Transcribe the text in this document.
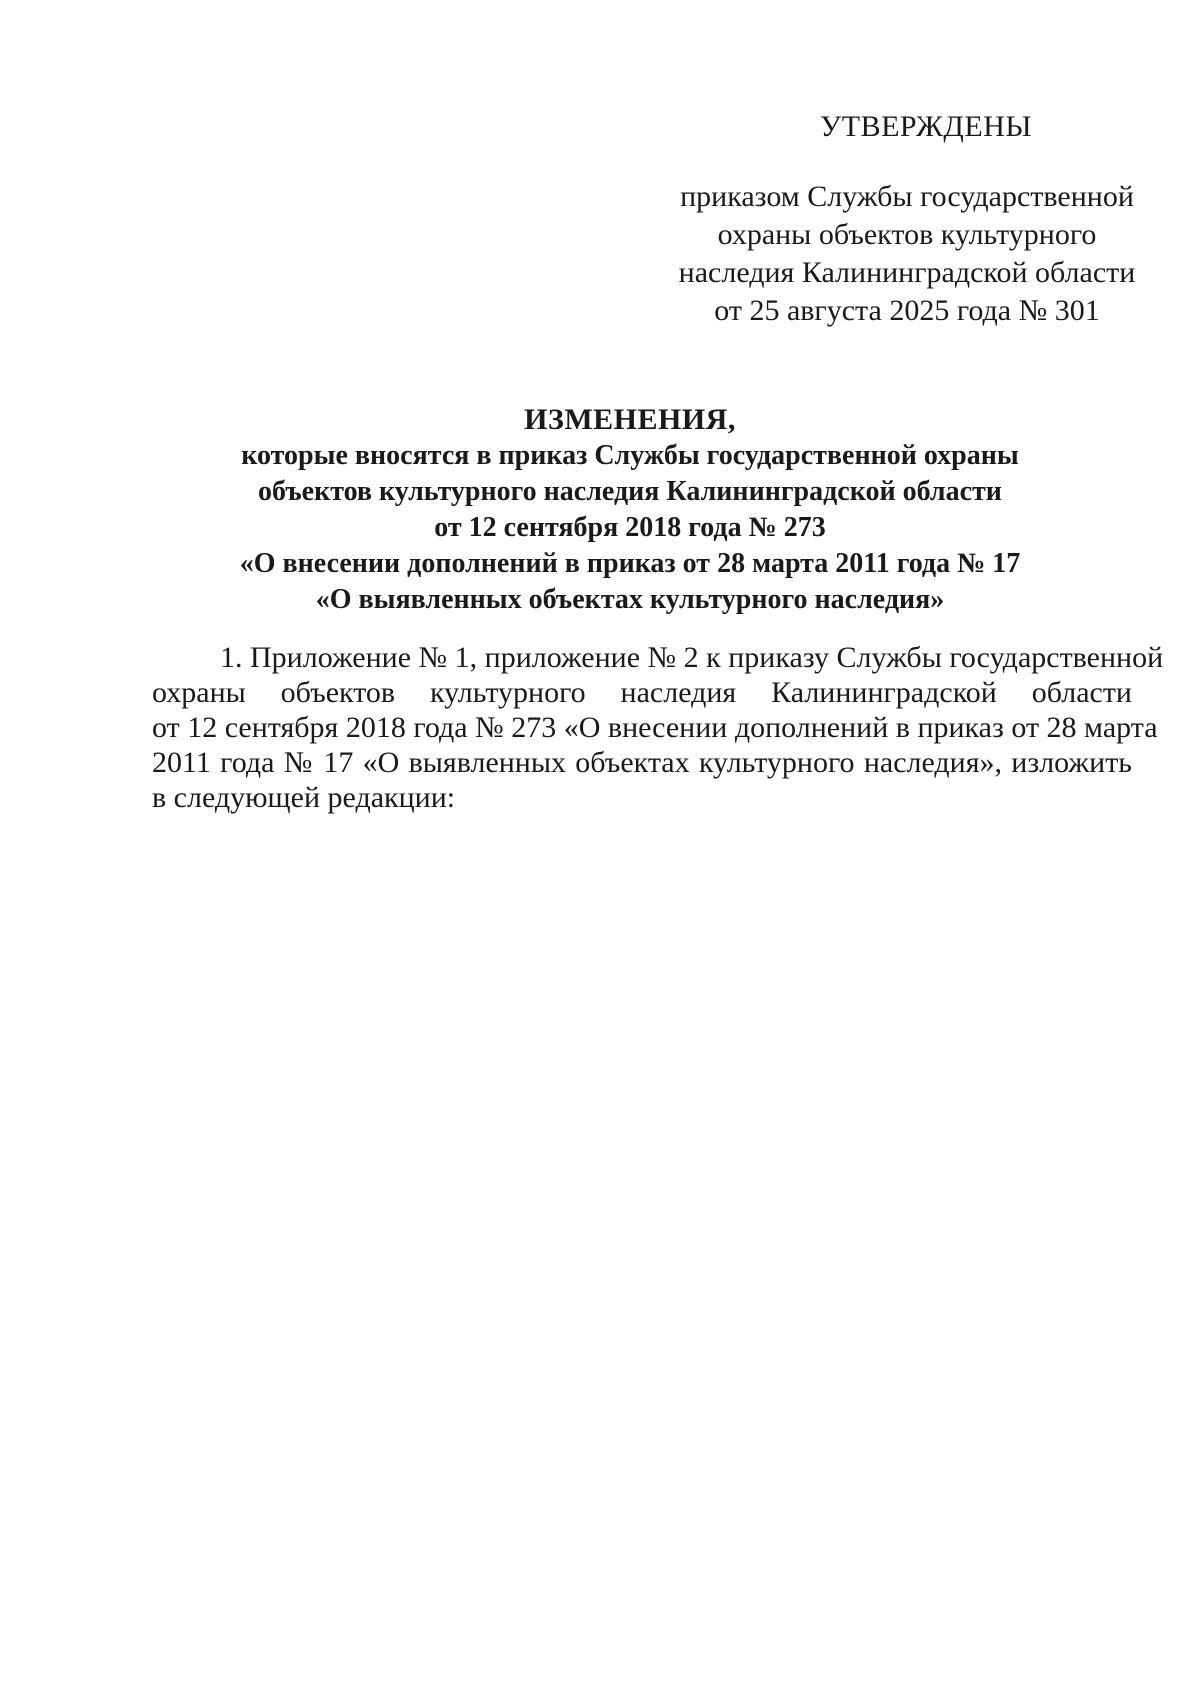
УТВЕРЖДЕНЫ
приказом Службы государственной
охраны объектов культурного
наследия Калининградской области
от 25 августа 2025 года № 301
ИЗМЕНЕНИЯ,
которые вносятся в приказ Службы государственной охраны
объектов культурного наследия Калининградской области
от 12 сентября 2018 года № 273
«О внесении дополнений в приказ от 28 марта 2011 года № 17
«О выявленных объектах культурного наследия»
1. Приложение № 1, приложение № 2 к приказу Службы государственной
охраны объектов культурного наследия Калининградской области
от 12 сентября 2018 года № 273 «О внесении дополнений в приказ от 28 марта
2011 года № 17 «О выявленных объектах культурного наследия», изложить
в следующей редакции:
